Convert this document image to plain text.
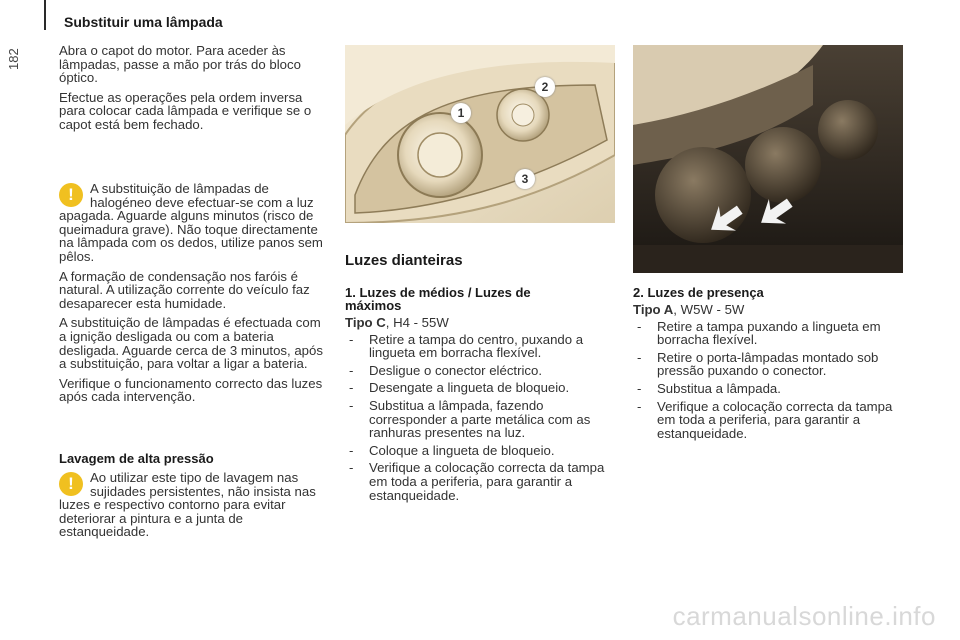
Substituir uma lâmpada
182	Abra o capot do motor. Para aceder às lâmpadas, passe a mão por trás do bloco óptico.

Efectue as operações pela ordem inversa para colocar cada lâmpada e verifique se o capot está bem fechado.

!	A substituição de lâmpadas de halogéneo deve efectuar-se com a luz apagada. Aguarde alguns minutos (risco de queimadura grave). Não toque directamente na lâmpada com os dedos, utilize panos sem pêlos.

A formação de condensação nos faróis é natural. A utilização corrente do veículo faz desaparecer esta humidade.

A substituição de lâmpadas é efectuada com a ignição desligada ou com a bateria desligada. Aguarde cerca de 3 minutos, após a substituição, para voltar a ligar a bateria.

Verifique o funcionamento correcto das luzes após cada intervenção.

Lavagem de alta pressão
!	Ao utilizar este tipo de lavagem nas sujidades persistentes, não insista nas luzes e respectivo contorno para evitar deteriorar a pintura e a junta de estanqueidade.

1
2
3
Luzes dianteiras
1. Luzes de médios / Luzes de máximos
Tipo C, H4 - 55W
- Retire a tampa do centro, puxando a lingueta em borracha flexível.
- Desligue o conector eléctrico.
- Desengate a lingueta de bloqueio.
- Substitua a lâmpada, fazendo corresponder a parte metálica com as ranhuras presentes na luz.
- Coloque a lingueta de bloqueio.
- Verifique a colocação correcta da tampa em toda a periferia, para garantir a estanqueidade.
2. Luzes de presença
Tipo A, W5W - 5W
- Retire a tampa puxando a lingueta em borracha flexível.
- Retire o porta-lâmpadas montado sob pressão puxando o conector.
- Substitua a lâmpada.
- Verifique a colocação correcta da tampa em toda a periferia, para garantir a estanqueidade.
carmanualsonline.info
